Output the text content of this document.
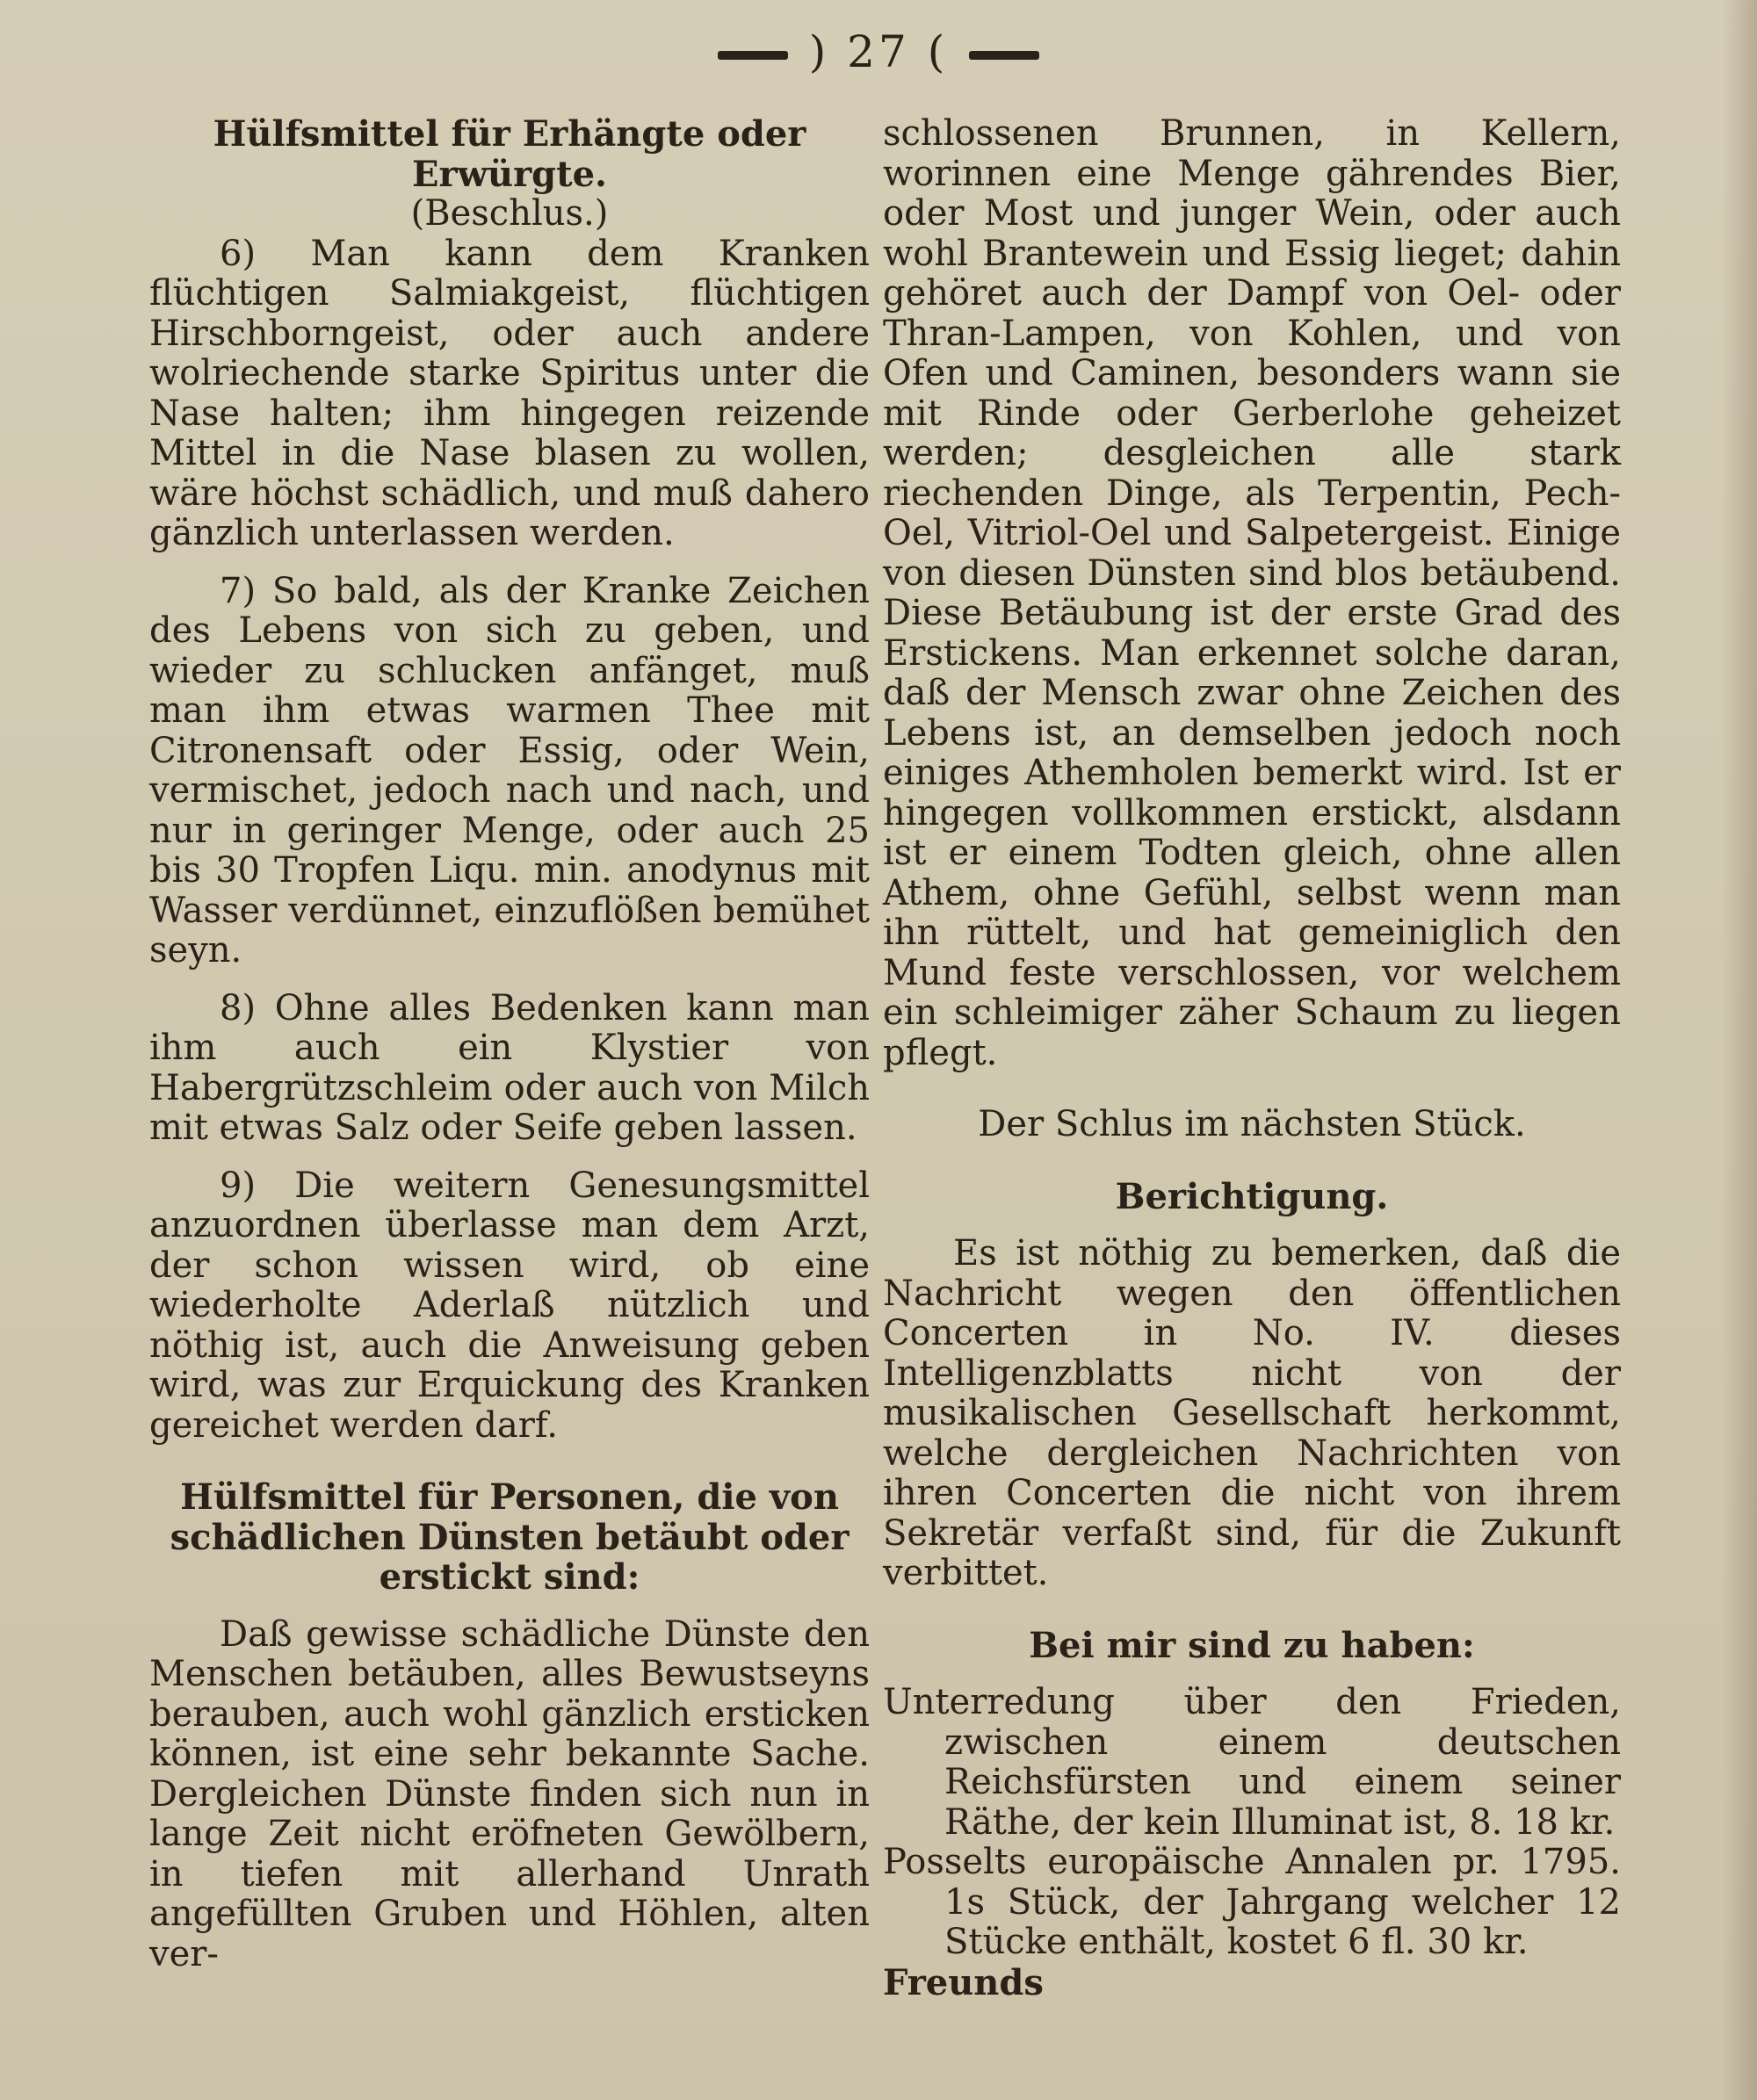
) 27 (

Hülfsmittel für Erhängte oder Erwürgte.

(Beschlus.)

6) Man kann dem Kranken flüchtigen Salmiakgeist, flüchtigen Hirschborngeist, oder auch andere wolriechende starke Spiritus unter die Nase halten; ihm hingegen reizende Mittel in die Nase blasen zu wollen, wäre höchst schädlich, und muß dahero gänzlich unterlassen werden.

7) So bald, als der Kranke Zeichen des Lebens von sich zu geben, und wieder zu schlucken anfänget, muß man ihm etwas warmen Thee mit Citronensaft oder Essig, oder Wein, vermischet, jedoch nach und nach, und nur in geringer Menge, oder auch 25 bis 30 Tropfen Liqu. min. anodynus mit Wasser verdünnet, einzuflößen bemühet seyn.

8) Ohne alles Bedenken kann man ihm auch ein Klystier von Habergrützschleim oder auch von Milch mit etwas Salz oder Seife geben lassen.

9) Die weitern Genesungsmittel anzuordnen überlasse man dem Arzt, der schon wissen wird, ob eine wiederholte Aderlaß nützlich und nöthig ist, auch die Anweisung geben wird, was zur Erquickung des Kranken gereichet werden darf.

Hülfsmittel für Personen, die von schädlichen Dünsten betäubt oder erstickt sind:

Daß gewisse schädliche Dünste den Menschen betäuben, alles Bewustseyns berauben, auch wohl gänzlich ersticken können, ist eine sehr bekannte Sache. Dergleichen Dünste finden sich nun in lange Zeit nicht eröfneten Gewölbern, in tiefen mit allerhand Unrath angefüllten Gruben und Höhlen, alten ver-

schlossenen Brunnen, in Kellern, worinnen eine Menge gährendes Bier, oder Most und junger Wein, oder auch wohl Brantewein und Essig lieget; dahin gehöret auch der Dampf von Oel- oder Thran-Lampen, von Kohlen, und von Ofen und Caminen, besonders wann sie mit Rinde oder Gerberlohe geheizet werden; desgleichen alle stark riechenden Dinge, als Terpentin, Pech-Oel, Vitriol-Oel und Salpetergeist. Einige von diesen Dünsten sind blos betäubend. Diese Betäubung ist der erste Grad des Erstickens. Man erkennet solche daran, daß der Mensch zwar ohne Zeichen des Lebens ist, an demselben jedoch noch einiges Athemholen bemerkt wird. Ist er hingegen vollkommen erstickt, alsdann ist er einem Todten gleich, ohne allen Athem, ohne Gefühl, selbst wenn man ihn rüttelt, und hat gemeiniglich den Mund feste verschlossen, vor welchem ein schleimiger zäher Schaum zu liegen pflegt.

Der Schlus im nächsten Stück.

Berichtigung.

Es ist nöthig zu bemerken, daß die Nachricht wegen den öffentlichen Concerten in No. IV. dieses Intelligenzblatts nicht von der musikalischen Gesellschaft herkommt, welche dergleichen Nachrichten von ihren Concerten die nicht von ihrem Sekretär verfaßt sind, für die Zukunft verbittet.

Bei mir sind zu haben:

Unterredung über den Frieden, zwischen einem deutschen Reichsfürsten und einem seiner Räthe, der kein Illuminat ist, 8. 18 kr.

Posselts europäische Annalen pr. 1795. 1s Stück, der Jahrgang welcher 12 Stücke enthält, kostet 6 fl. 30 kr.

Freunds
